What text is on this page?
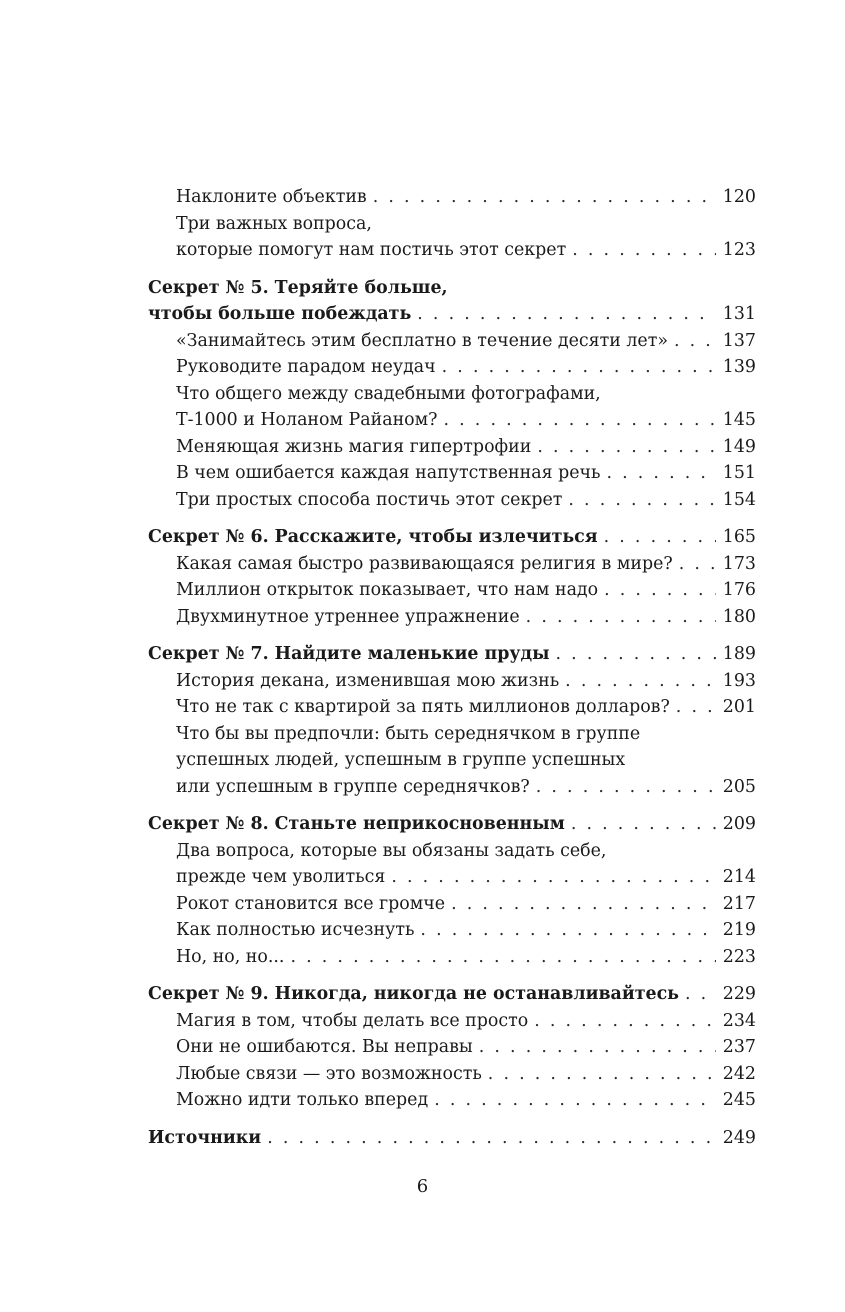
Наклоните объектив . . .	120
Три важных вопроса,
которые помогут нам постичь этот секрет . . .	123
Секрет № 5. Теряйте больше,
чтобы больше побеждать . . .	131
«Занимайтесь этим бесплатно в течение десяти лет» . . .	137
Руководите парадом неудач . . .	139
Что общего между свадебными фотографами,
Т-1000 и Ноланом Райаном? . . .	145
Меняющая жизнь магия гипертрофии . . .	149
В чем ошибается каждая напутственная речь . . .	151
Три простых способа постичь этот секрет . . .	154
Секрет № 6. Расскажите, чтобы излечиться . . .	165
Какая самая быстро развивающаяся религия в мире? . . .	173
Миллион открыток показывает, что нам надо . . .	176
Двухминутное утреннее упражнение . . .	180
Секрет № 7. Найдите маленькие пруды . . .	189
История декана, изменившая мою жизнь . . .	193
Что не так с квартирой за пять миллионов долларов? . . .	201
Что бы вы предпочли: быть середнячком в группе
успешных людей, успешным в группе успешных
или успешным в группе середнячков? . . .	205
Секрет № 8. Станьте неприкосновенным . . .	209
Два вопроса, которые вы обязаны задать себе,
прежде чем уволиться . . .	214
Рокот становится все громче . . .	217
Как полностью исчезнуть . . .	219
Но, но, но... . . .	223
Секрет № 9. Никогда, никогда не останавливайтесь . . .	229
Магия в том, чтобы делать все просто . . .	234
Они не ошибаются. Вы неправы . . .	237
Любые связи — это возможность . . .	242
Можно идти только вперед . . .	245
Источники . . .	249
6
